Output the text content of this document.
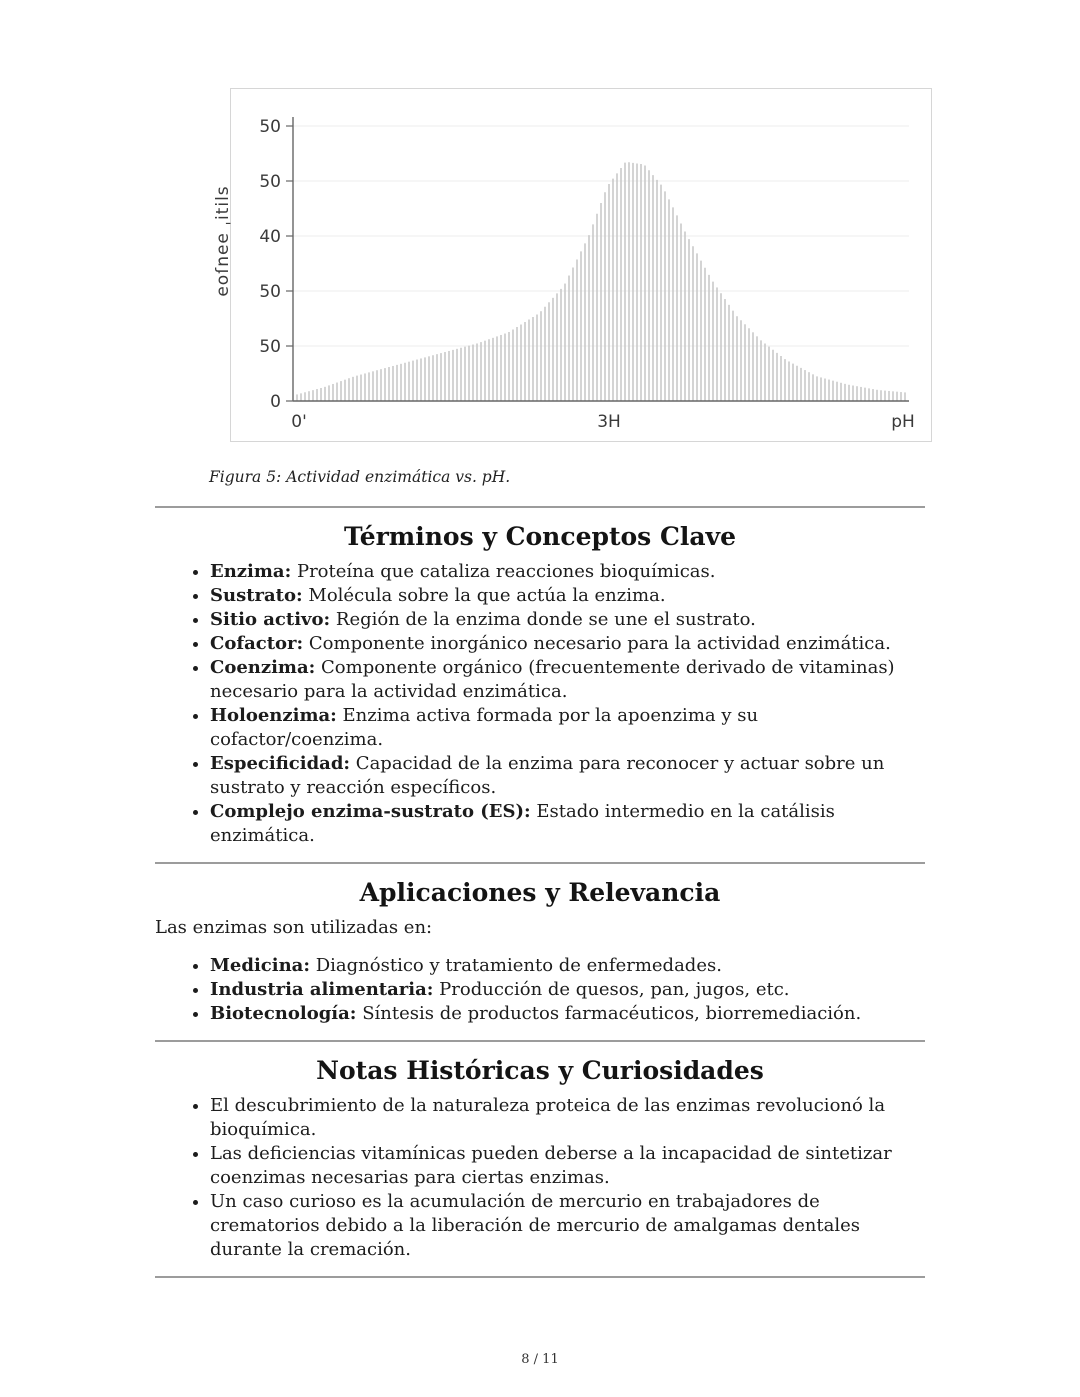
eoſnee ˌitils
50
50
40
50
50
0
0'	3H	pH
Figura 5: Actividad enzimática vs. pH.
Términos y Conceptos Clave
• Enzima: Proteína que cataliza reacciones bioquímicas.
• Sustrato: Molécula sobre la que actúa la enzima.
• Sitio activo: Región de la enzima donde se une el sustrato.
• Cofactor: Componente inorgánico necesario para la actividad enzimática.
• Coenzima: Componente orgánico (frecuentemente derivado de vitaminas) necesario para la actividad enzimática.
• Holoenzima: Enzima activa formada por la apoenzima y su cofactor/coenzima.
• Especificidad: Capacidad de la enzima para reconocer y actuar sobre un sustrato y reacción específicos.
• Complejo enzima-sustrato (ES): Estado intermedio en la catálisis enzimática.
Aplicaciones y Relevancia

Las enzimas son utilizadas en:

• Medicina: Diagnóstico y tratamiento de enfermedades.
• Industria alimentaria: Producción de quesos, pan, jugos, etc.
• Biotecnología: Síntesis de productos farmacéuticos, biorremediación.
Notas Históricas y Curiosidades
• El descubrimiento de la naturaleza proteica de las enzimas revolucionó la bioquímica.
• Las deficiencias vitamínicas pueden deberse a la incapacidad de sintetizar coenzimas necesarias para ciertas enzimas.
• Un caso curioso es la acumulación de mercurio en trabajadores de crematorios debido a la liberación de mercurio de amalgamas dentales durante la cremación.
8 / 11
